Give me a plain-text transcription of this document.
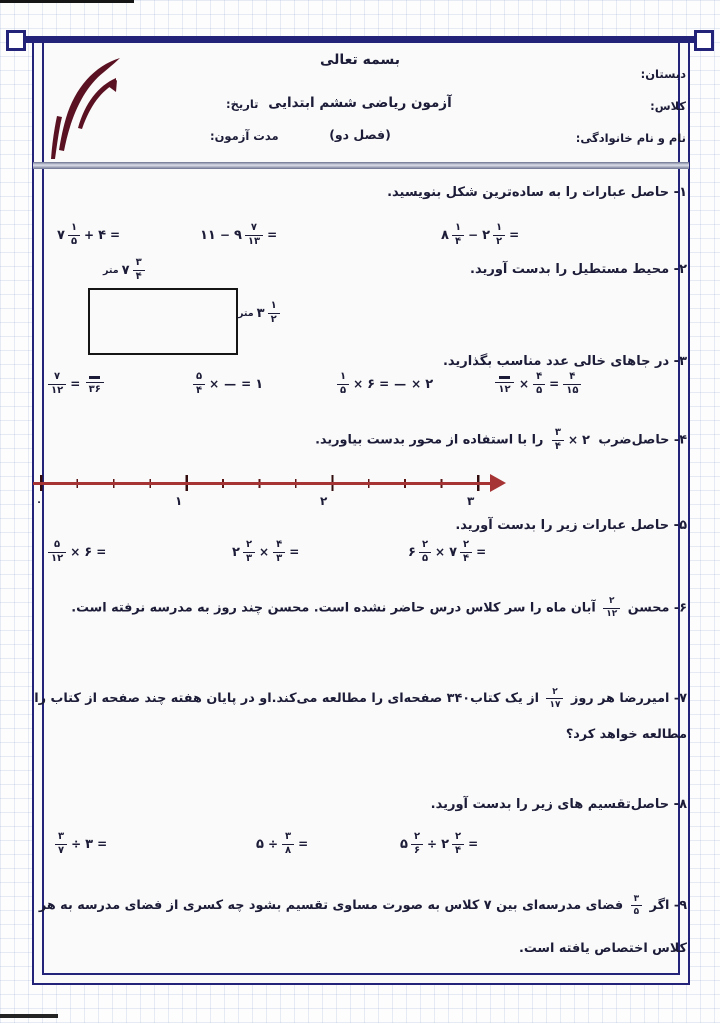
بسمه تعالی
آزمون ریاضی ششم ابتدایی
(فصل دو)
دبستان:
کلاس:
نام و نام خانوادگی:
تاریخ:
مدت آزمون:
۱- حاصل عبارات را به ساده‌ترین شکل بنویسید.
۸ ۱
۴ − ۲ ۱
۲ =
۱۱ − ۹ ۷
۱۳ =
۷ ۱
۵ + ۴ =
۲- محیط مستطیل را بدست آورید.
متر ۷ ۳
۴
متر ۳ ۱
۲
۳- در جاهای خالی عدد مناسب بگذارید.
۱۲ ×
۴
۵ =
۴
۱۵
۱
۵ × ۶ = — × ۲
۵
۴ × — = ۱
۷
۱۲ = ۳۶
۴- حاصل‌ضرب
۳
۴ × ۲
را با استفاده از محور بدست بیاورید.
۰	۱	۲	۳
۵- حاصل عبارات زیر را بدست آورید.
۶ ۲
۵ × ۷ ۲
۴ =
۲ ۲
۳ ×
۴
۳ =
۵
۱۲ × ۶ =
۶- محسن
۲
۱۲
آبان ماه را سر کلاس درس حاضر نشده است. محسن چند روز به مدرسه نرفته است.
۷- امیررضا هر روز
۲
۱۷
از یک کتاب۳۴۰ صفحه‌ای را مطالعه می‌کند.او در پایان هفته چند صفحه از کتاب را مطالعه خواهد کرد؟
۸- حاصل‌تقسیم های زیر را بدست آورید.
۵ ۲
۶ ÷ ۲ ۲
۴ =
۵ ÷
۳
۸ =
۳
۷ ÷ ۳ =
۹- اگر
۳
۵
فضای مدرسه‌ای بین ۷ کلاس به صورت مساوی تقسیم بشود چه کسری از فضای مدرسه به هر کلاس اختصاص یافته است.
